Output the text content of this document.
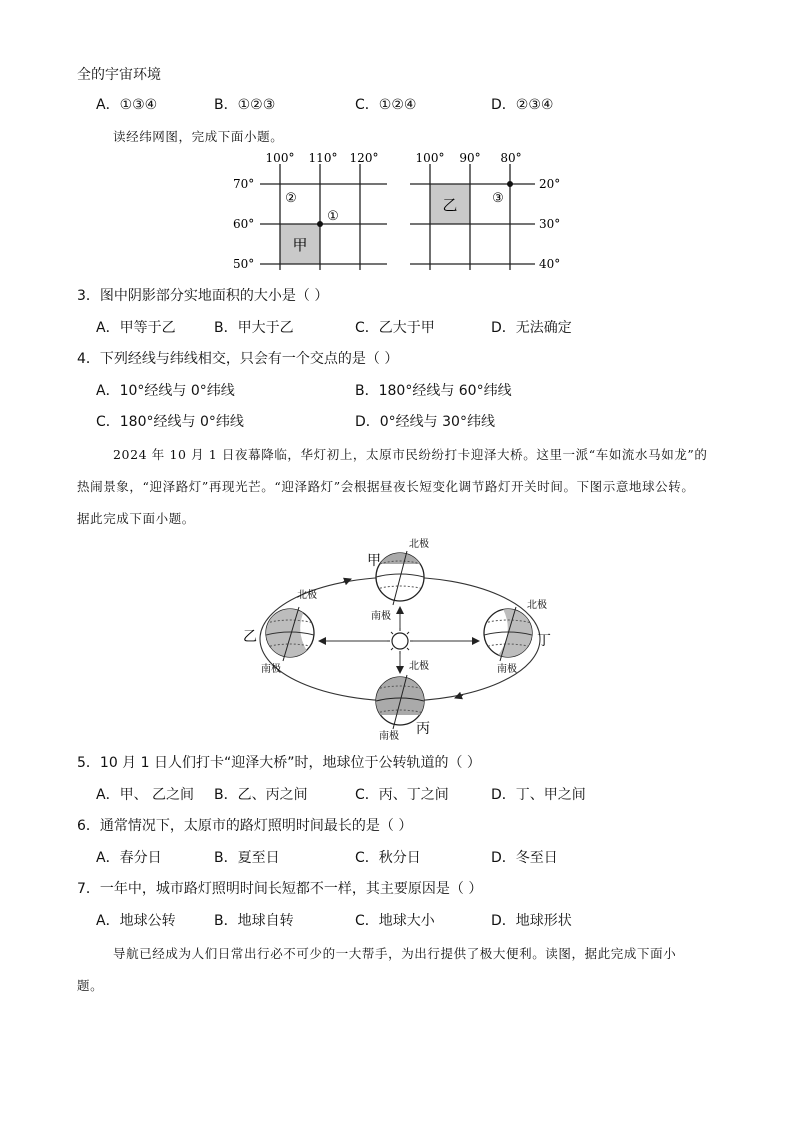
全的宇宙环境
A．①③④	B．①②③	C．①②④	D．②③④
读经纬网图，完成下面小题。
100° 110° 120°
70°
60°
50°
甲
②
①
100° 90° 80°
20°
30°
40°
乙	③
3．图中阴影部分实地面积的大小是（ ）
A．甲等于乙	B．甲大于乙	C．乙大于甲	D．无法确定
4．下列经线与纬线相交，只会有一个交点的是（ ）
A．10°经线与 0°纬线	B．180°经线与 60°纬线
C．180°经线与 0°纬线	D．0°经线与 30°纬线
2024 年 10 月 1 日夜幕降临，华灯初上，太原市民纷纷打卡迎泽大桥。这里一派“车如流水马如龙”的
热闹景象，“迎泽路灯”再现光芒。“迎泽路灯”会根据昼夜长短变化调节路灯开关时间。下图示意地球公转。
据此完成下面小题。
甲
北极
南极
乙
北极
南极
丁
北极
南极
北极
南极 丙
5．10 月 1 日人们打卡“迎泽大桥”时，地球位于公转轨道的（ ）
A．甲、 乙之间 B．乙、丙之间	C．丙、丁之间	D．丁、甲之间
6．通常情况下，太原市的路灯照明时间最长的是（ ）
A．春分日	B．夏至日	C．秋分日	D．冬至日
7．一年中，城市路灯照明时间长短都不一样，其主要原因是（ ）
A．地球公转	B．地球自转	C．地球大小	D．地球形状
导航已经成为人们日常出行必不可少的一大帮手，为出行提供了极大便利。读图，据此完成下面小
题。
